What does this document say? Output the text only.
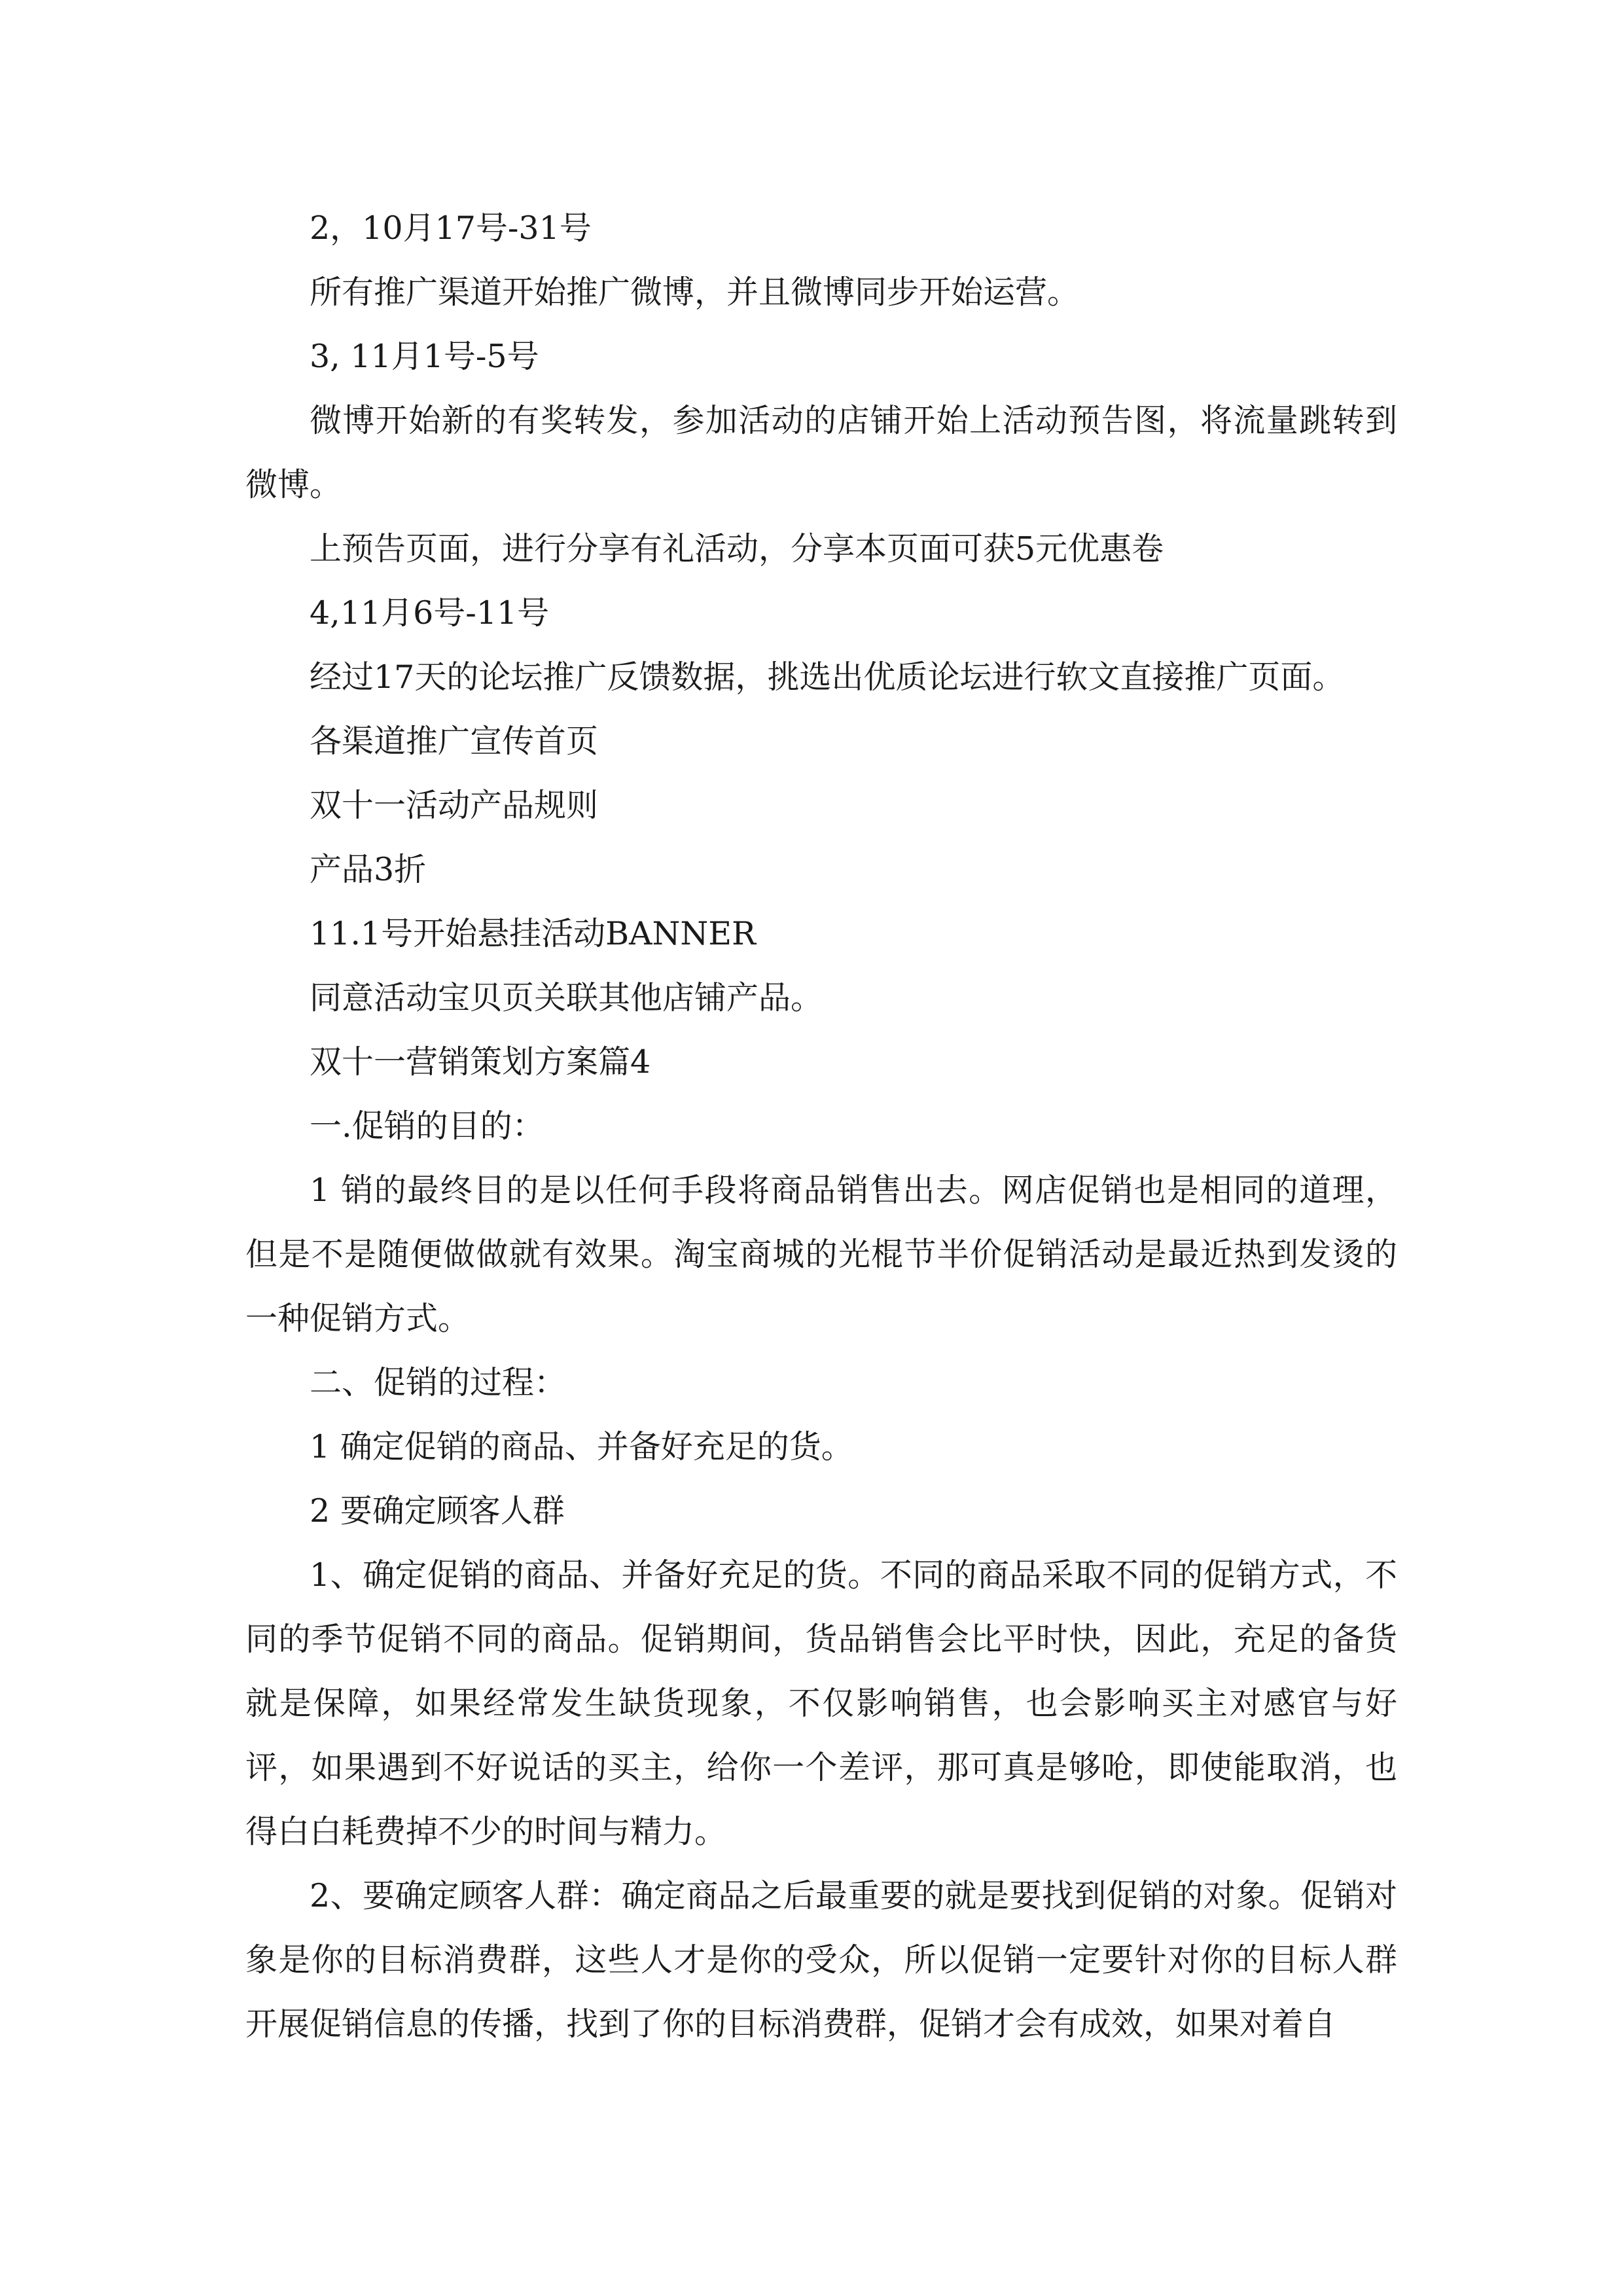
2，10月17号-31号

所有推广渠道开始推广微博，并且微博同步开始运营。

3, 11月1号-5号

微博开始新的有奖转发，参加活动的店铺开始上活动预告图，将流量跳转到微博。

上预告页面，进行分享有礼活动，分享本页面可获5元优惠卷

4,11月6号-11号

经过17天的论坛推广反馈数据，挑选出优质论坛进行软文直接推广页面。

各渠道推广宣传首页

双十一活动产品规则

产品3折

11.1号开始悬挂活动BANNER

同意活动宝贝页关联其他店铺产品。

双十一营销策划方案篇4

一.促销的目的：

1 销的最终目的是以任何手段将商品销售出去。网店促销也是相同的道理，但是不是随便做做就有效果。淘宝商城的光棍节半价促销活动是最近热到发烫的一种促销方式。

二、促销的过程：

1 确定促销的商品、并备好充足的货。

2 要确定顾客人群

1、确定促销的商品、并备好充足的货。不同的商品采取不同的促销方式，不同的季节促销不同的商品。促销期间，货品销售会比平时快，因此，充足的备货就是保障，如果经常发生缺货现象，不仅影响销售，也会影响买主对感官与好评，如果遇到不好说话的买主，给你一个差评，那可真是够呛，即使能取消，也得白白耗费掉不少的时间与精力。

2、要确定顾客人群：确定商品之后最重要的就是要找到促销的对象。促销对象是你的目标消费群，这些人才是你的受众，所以促销一定要针对你的目标人群开展促销信息的传播，找到了你的目标消费群，促销才会有成效，如果对着自
